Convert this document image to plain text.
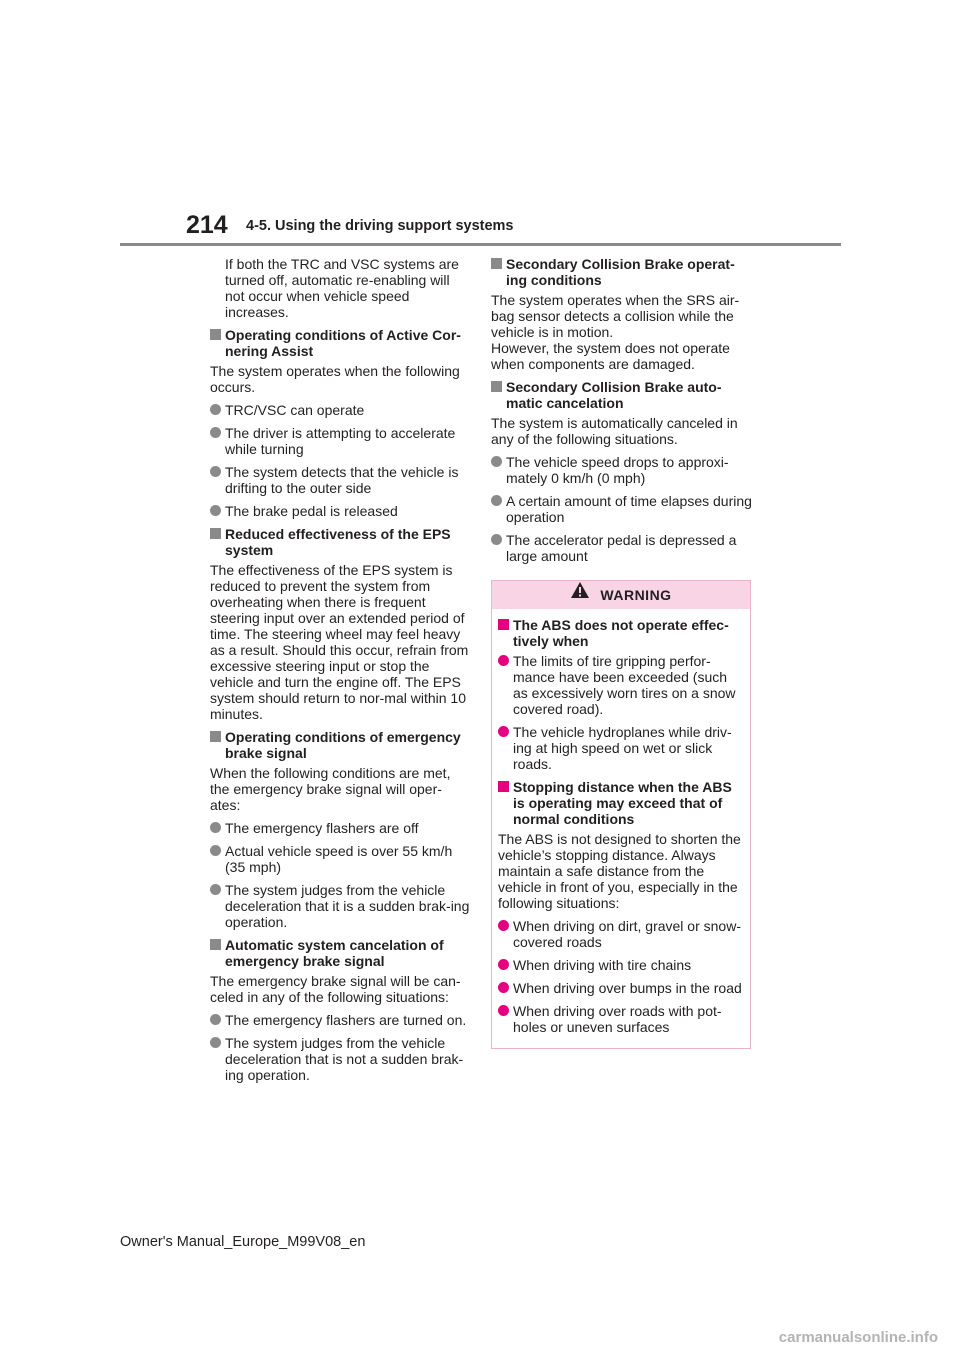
214 4-5. Using the driving support systems

If both the TRC and VSC systems are turned off, automatic re-enabling will not occur when vehicle speed increases.

Operating conditions of Active Cor-nering Assist

The system operates when the following occurs.

TRC/VSC can operate
The driver is attempting to accelerate while turning
The system detects that the vehicle is drifting to the outer side
The brake pedal is released
Reduced effectiveness of the EPS system

The effectiveness of the EPS system is reduced to prevent the system from overheating when there is frequent steering input over an extended period of time. The steering wheel may feel heavy as a result. Should this occur, refrain from excessive steering input or stop the vehicle and turn the engine off. The EPS system should return to nor-mal within 10 minutes.

Operating conditions of emergency brake signal

When the following conditions are met, the emergency brake signal will oper-ates:

The emergency flashers are off
Actual vehicle speed is over 55 km/h (35 mph)
The system judges from the vehicle deceleration that it is a sudden brak-ing operation.
Automatic system cancelation of emergency brake signal

The emergency brake signal will be can-celed in any of the following situations:

The emergency flashers are turned on.
The system judges from the vehicle deceleration that is not a sudden brak-ing operation.
Secondary Collision Brake operat-ing conditions

The system operates when the SRS air-bag sensor detects a collision while the vehicle is in motion.
However, the system does not operate when components are damaged.

Secondary Collision Brake auto-matic cancelation

The system is automatically canceled in any of the following situations.

The vehicle speed drops to approxi-mately 0 km/h (0 mph)
A certain amount of time elapses during operation
The accelerator pedal is depressed a large amount
WARNING
The ABS does not operate effec-tively when
The limits of tire gripping perfor-mance have been exceeded (such as excessively worn tires on a snow covered road).
The vehicle hydroplanes while driv-ing at high speed on wet or slick roads.
Stopping distance when the ABS is operating may exceed that of normal conditions

The ABS is not designed to shorten the vehicle’s stopping distance. Always maintain a safe distance from the vehicle in front of you, especially in the following situations:

When driving on dirt, gravel or snow-covered roads
When driving with tire chains
When driving over bumps in the road
When driving over roads with pot-holes or uneven surfaces
Owner's Manual_Europe_M99V08_en
carmanualsonline.info
